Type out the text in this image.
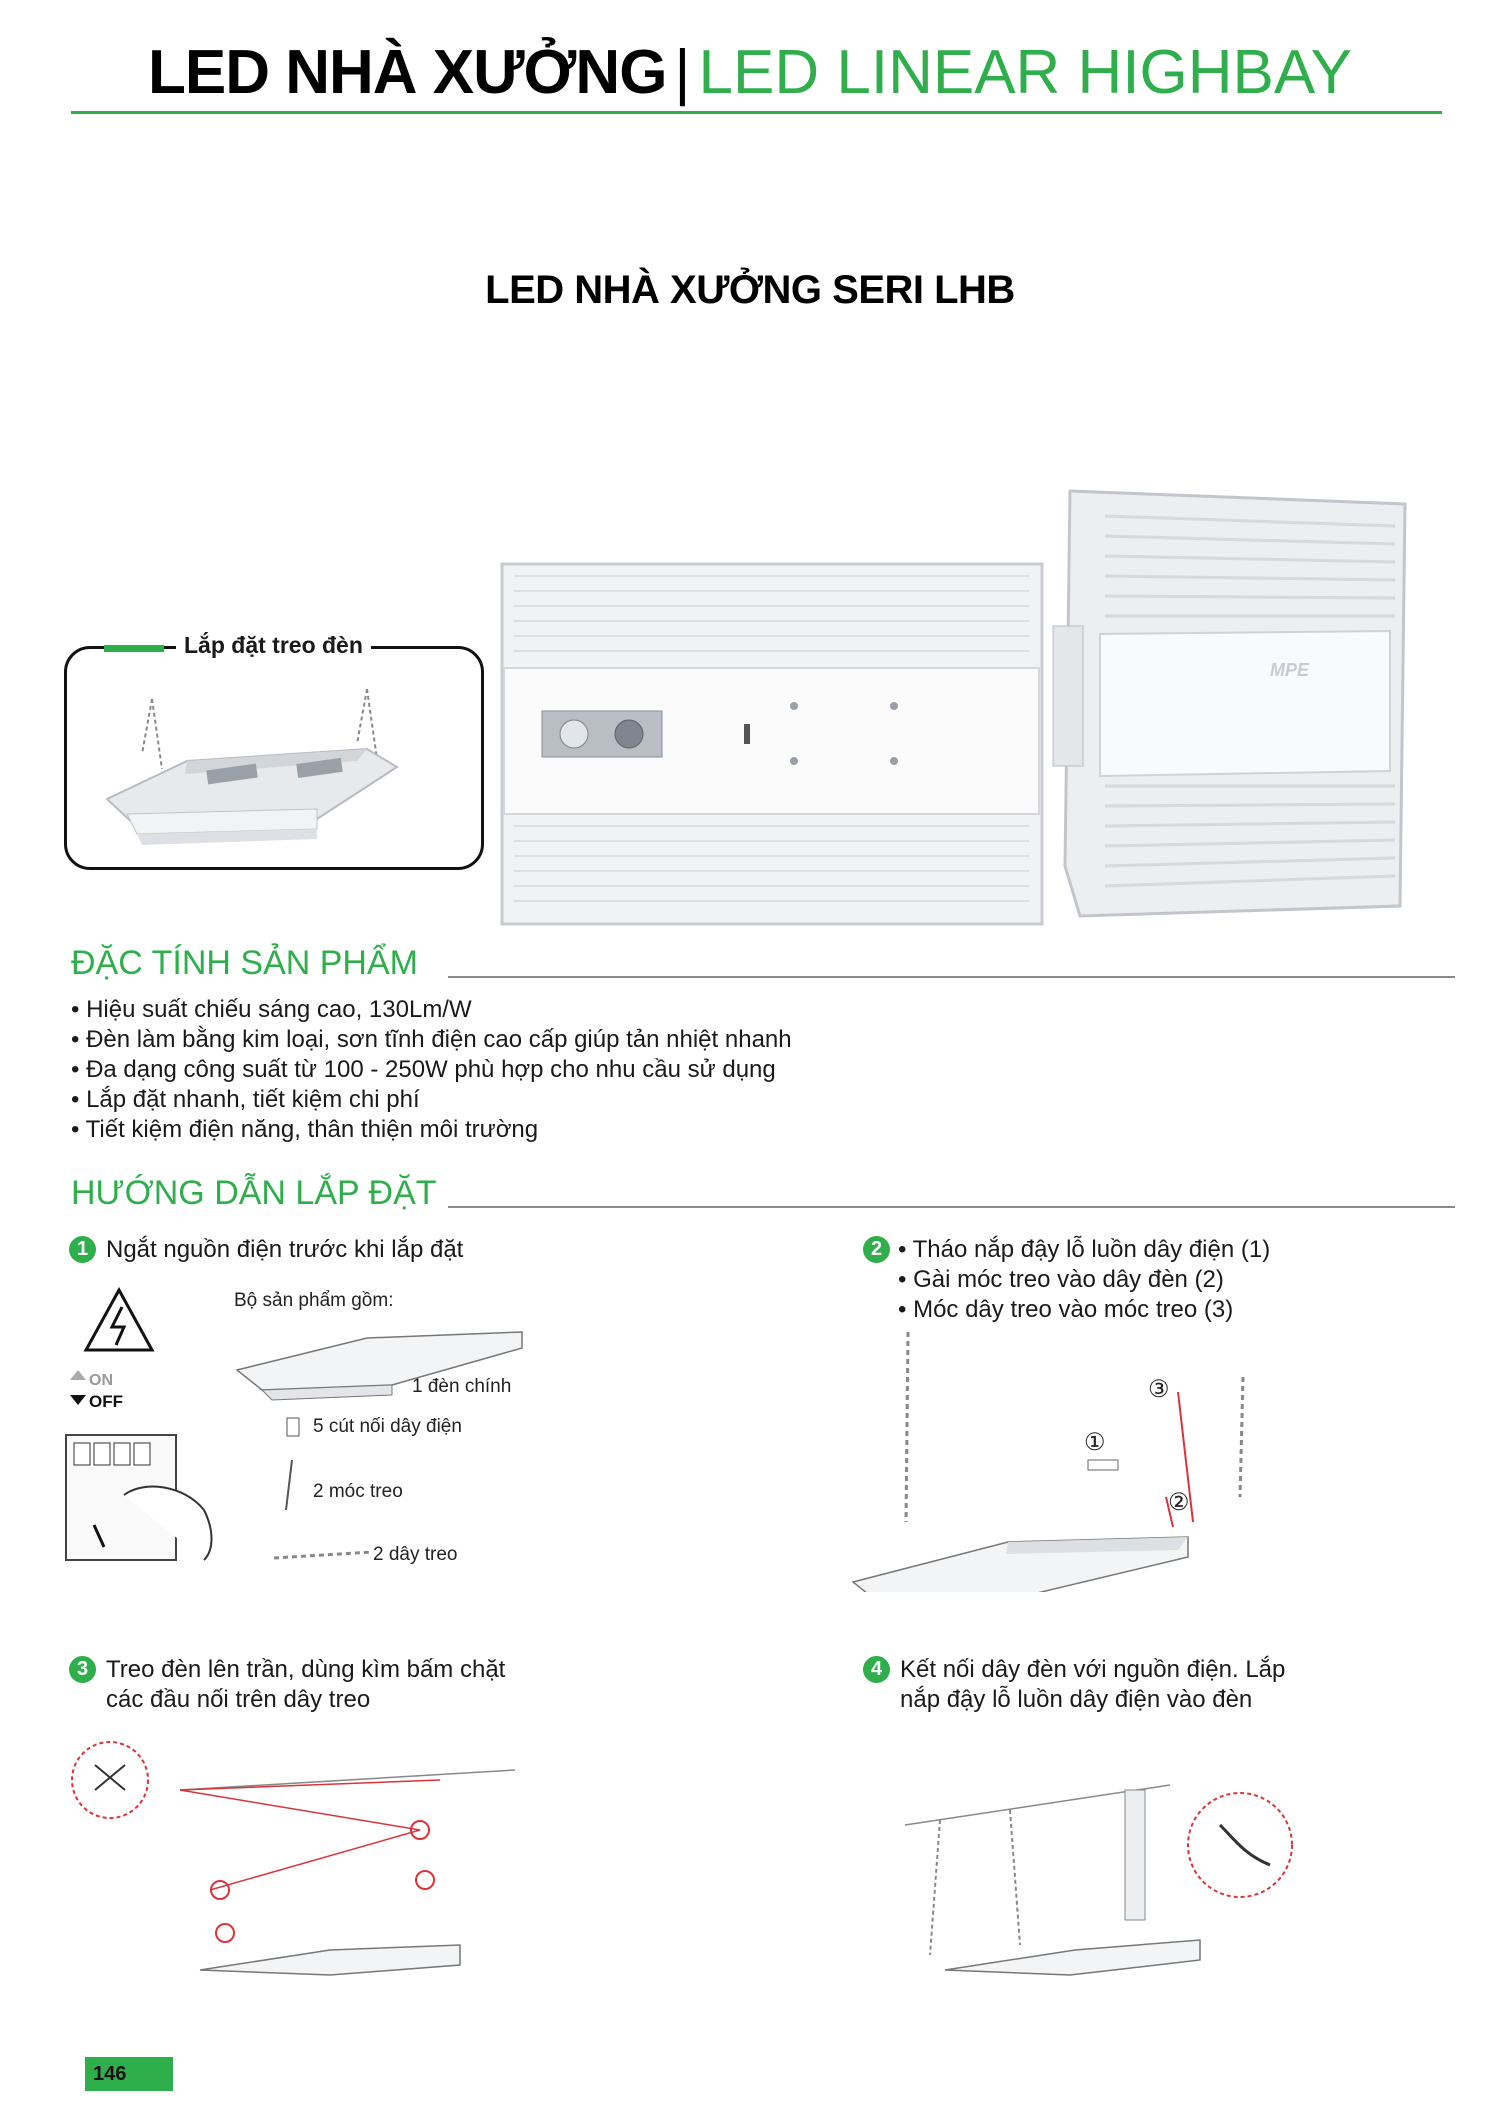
LED NHÀ XƯỞNG | LED LINEAR HIGHBAY
LED NHÀ XƯỞNG SERI LHB
Lắp đặt treo đèn
MPE
ĐẶC TÍNH SẢN PHẨM
• Hiệu suất chiếu sáng cao, 130Lm/W
• Đèn làm bằng kim loại, sơn tĩnh điện cao cấp giúp tản nhiệt nhanh
• Đa dạng công suất từ 100 - 250W phù hợp cho nhu cầu sử dụng
• Lắp đặt nhanh, tiết kiệm chi phí
• Tiết kiệm điện năng, thân thiện môi trường
HƯỚNG DẪN LẮP ĐẶT
1 Ngắt nguồn điện trước khi lắp đặt
ON
OFF
Bộ sản phẩm gồm:
1 đèn chính
5 cút nối dây điện
2 móc treo
2 dây treo
2 • Tháo nắp đậy lỗ luồn dây điện (1)
• Gài móc treo vào dây đèn (2)
• Móc dây treo vào móc treo (3)
①
②
③
3 Treo đèn lên trần, dùng kìm bấm chặt
các đầu nối trên dây treo
4 Kết nối dây đèn với nguồn điện. Lắp
nắp đậy lỗ luồn dây điện vào đèn
146
